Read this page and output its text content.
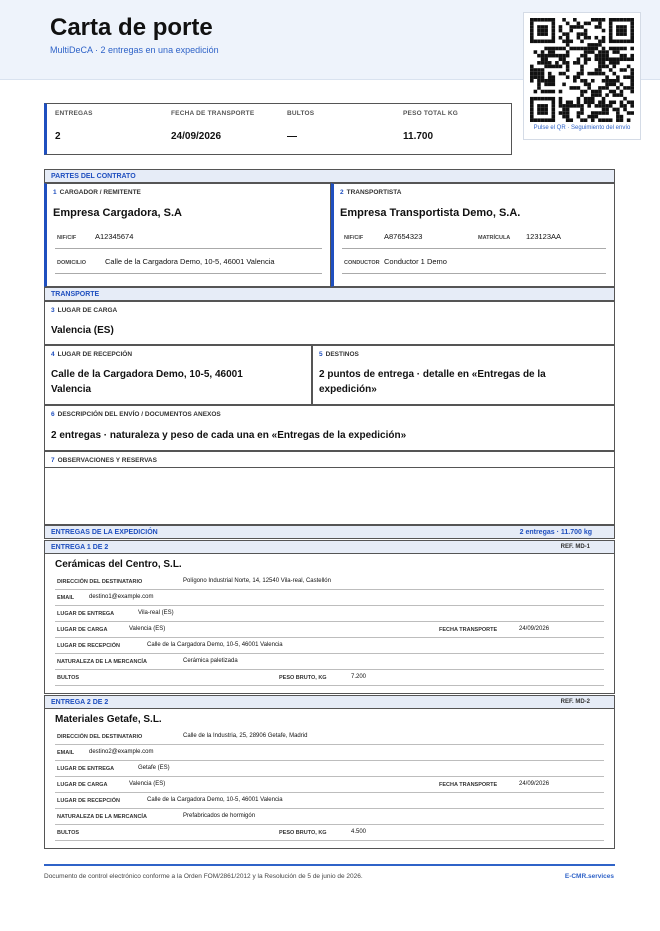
Carta de porte
MultiDeCA · 2 entregas en una expedición
Pulse el QR · Seguimiento del envío
ENTREGAS
2
FECHA DE TRANSPORTE
24/09/2026
BULTOS
—
PESO TOTAL KG
11.700
PARTES DEL CONTRATO
1 CARGADOR / REMITENTE
Empresa Cargadora, S.A
NIF/CIF	A12345674
DOMICILIO	Calle de la Cargadora Demo, 10-5, 46001 Valencia
2 TRANSPORTISTA
Empresa Transportista Demo, S.A.
NIF/CIF	A87654323	MATRÍCULA 123123AA
CONDUCTOR Conductor 1 Demo
TRANSPORTE
3 LUGAR DE CARGA
Valencia (ES)
4 LUGAR DE RECEPCIÓN
Calle de la Cargadora Demo, 10-5, 46001
Valencia
5 DESTINOS
2 puntos de entrega · detalle en «Entregas de la
expedición»
6 DESCRIPCIÓN DEL ENVÍO / DOCUMENTOS ANEXOS
2 entregas · naturaleza y peso de cada una en «Entregas de la expedición»
7 OBSERVACIONES Y RESERVAS
ENTREGAS DE LA EXPEDICIÓN	2 entregas · 11.700 kg
ENTREGA 1 DE 2	REF. MD-1
Cerámicas del Centro, S.L.
DIRECCIÓN DEL DESTINATARIO	Polígono Industrial Norte, 14, 12540 Vila-real, Castellón
EMAIL destino1@example.com
LUGAR DE ENTREGA	Vila-real (ES)
LUGAR DE CARGA	Valencia (ES)	FECHA TRANSPORTE	24/09/2026
LUGAR DE RECEPCIÓN	Calle de la Cargadora Demo, 10-5, 46001 Valencia
NATURALEZA DE LA MERCANCÍA	Cerámica paletizada
BULTOS	PESO BRUTO, KG	7.200
ENTREGA 2 DE 2	REF. MD-2
Materiales Getafe, S.L.
DIRECCIÓN DEL DESTINATARIO	Calle de la Industria, 25, 28906 Getafe, Madrid
EMAIL destino2@example.com
LUGAR DE ENTREGA	Getafe (ES)
LUGAR DE CARGA	Valencia (ES)	FECHA TRANSPORTE	24/09/2026
LUGAR DE RECEPCIÓN	Calle de la Cargadora Demo, 10-5, 46001 Valencia
NATURALEZA DE LA MERCANCÍA	Prefabricados de hormigón
BULTOS	PESO BRUTO, KG	4.500
Documento de control electrónico conforme a la Orden FOM/2861/2012 y la Resolución de 5 de junio de 2026.	E-CMR.services
